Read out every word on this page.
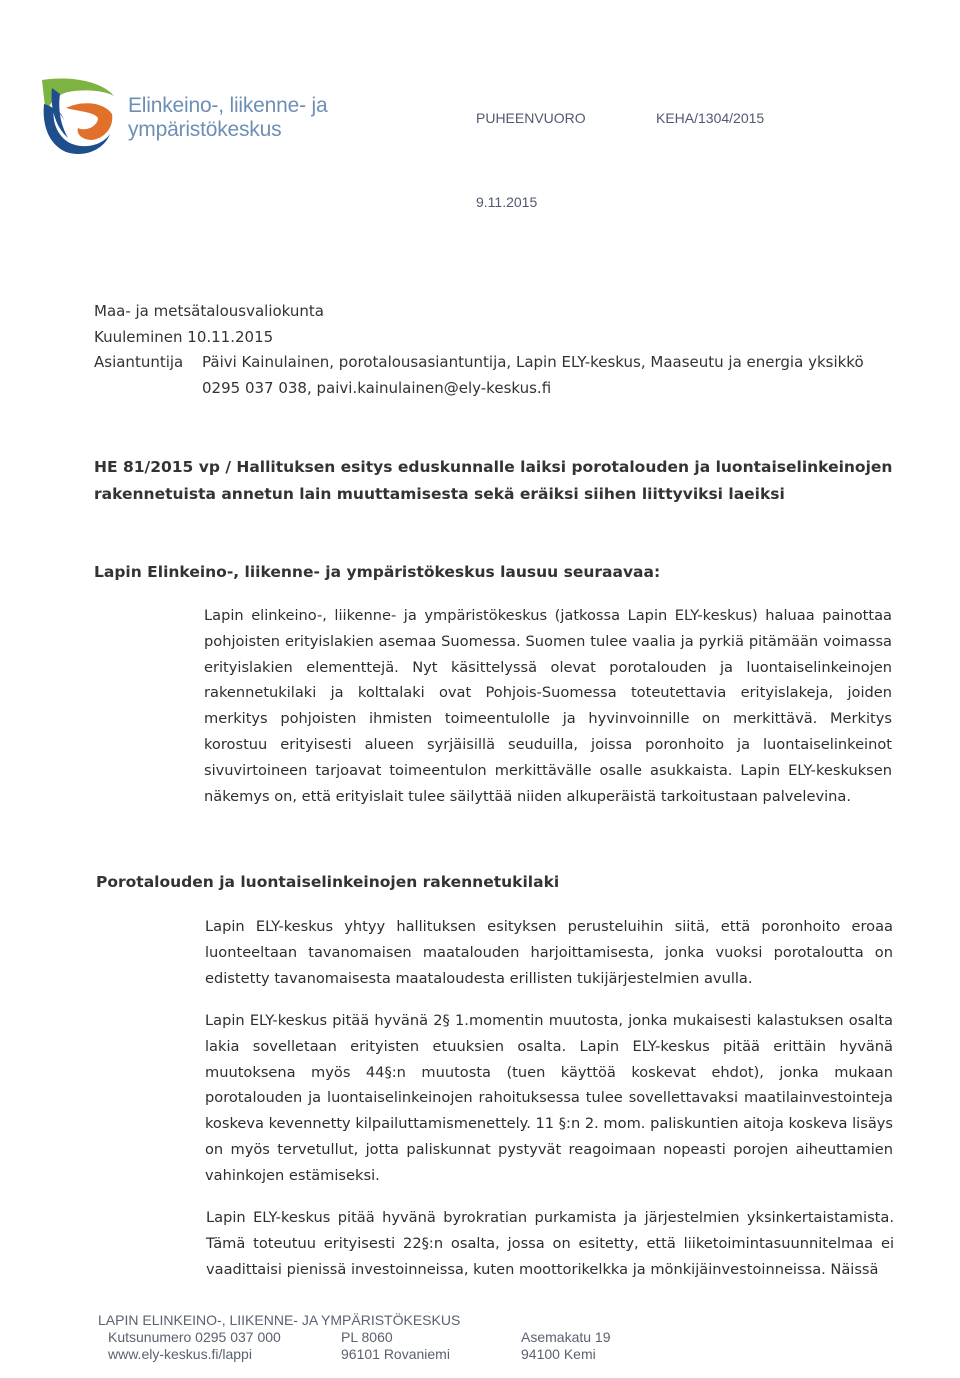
Elinkeino-, liikenne- ja
ympäristökeskus	PUHEENVUORO	KEHA/1304/2015
9.11.2015
Maa- ja metsätalousvaliokunta
Kuuleminen 10.11.2015
Asiantuntija Päivi Kainulainen, porotalousasiantuntija, Lapin ELY-keskus, Maaseutu ja energia yksikkö
0295 037 038, paivi.kainulainen@ely-keskus.fi
HE 81/2015 vp / Hallituksen esitys eduskunnalle laiksi porotalouden ja luontaiselinkeinojen
rakennetuista annetun lain muuttamisesta sekä eräiksi siihen liittyviksi laeiksi
Lapin Elinkeino-, liikenne- ja ympäristökeskus lausuu seuraavaa:
Lapin elinkeino-, liikenne- ja ympäristökeskus (jatkossa Lapin ELY-keskus) haluaa painottaa pohjoisten erityislakien asemaa Suomessa. Suomen tulee vaalia ja pyrkiä pitämään voimassa erityislakien elementtejä. Nyt käsittelyssä olevat porotalouden ja luontaiselinkeinojen rakennetukilaki ja kolttalaki ovat Pohjois-Suomessa toteutettavia erityislakeja, joiden merkitys pohjoisten ihmisten toimeentulolle ja hyvinvoinnille on merkittävä. Merkitys korostuu erityisesti alueen syrjäisillä seuduilla, joissa poronhoito ja luontaiselinkeinot sivuvirtoineen tarjoavat toimeentulon merkittävälle osalle asukkaista. Lapin ELY-keskuksen näkemys on, että erityislait tulee säilyttää niiden alkuperäistä tarkoitustaan palvelevina.
Porotalouden ja luontaiselinkeinojen rakennetukilaki
Lapin ELY-keskus yhtyy hallituksen esityksen perusteluihin siitä, että poronhoito eroaa luonteeltaan tavanomaisen maatalouden harjoittamisesta, jonka vuoksi porotaloutta on edistetty tavanomaisesta maataloudesta erillisten tukijärjestelmien avulla.
Lapin ELY-keskus pitää hyvänä 2§ 1.momentin muutosta, jonka mukaisesti kalastuksen osalta lakia sovelletaan erityisten etuuksien osalta. Lapin ELY-keskus pitää erittäin hyvänä muutoksena myös 44§:n muutosta (tuen käyttöä koskevat ehdot), jonka mukaan porotalouden ja luontaiselinkeinojen rahoituksessa tulee sovellettavaksi maatilainvestointeja koskeva kevennetty kilpailuttamismenettely. 11 §:n 2. mom. paliskuntien aitoja koskeva lisäys on myös tervetullut, jotta paliskunnat pystyvät reagoimaan nopeasti porojen aiheuttamien vahinkojen estämiseksi.
Lapin ELY-keskus pitää hyvänä byrokratian purkamista ja järjestelmien yksinkertaistamista. Tämä toteutuu erityisesti 22§:n osalta, jossa on esitetty, että liiketoimintasuunnitelmaa ei vaadittaisi pienissä investoinneissa, kuten moottorikelkka ja mönkijäinvestoinneissa. Näissä
LAPIN ELINKEINO-, LIIKENNE- JA YMPÄRISTÖKESKUS
Kutsunumero 0295 037 000
www.ely-keskus.fi/lappi
PL 8060
96101 Rovaniemi
Asemakatu 19
94100 Kemi
